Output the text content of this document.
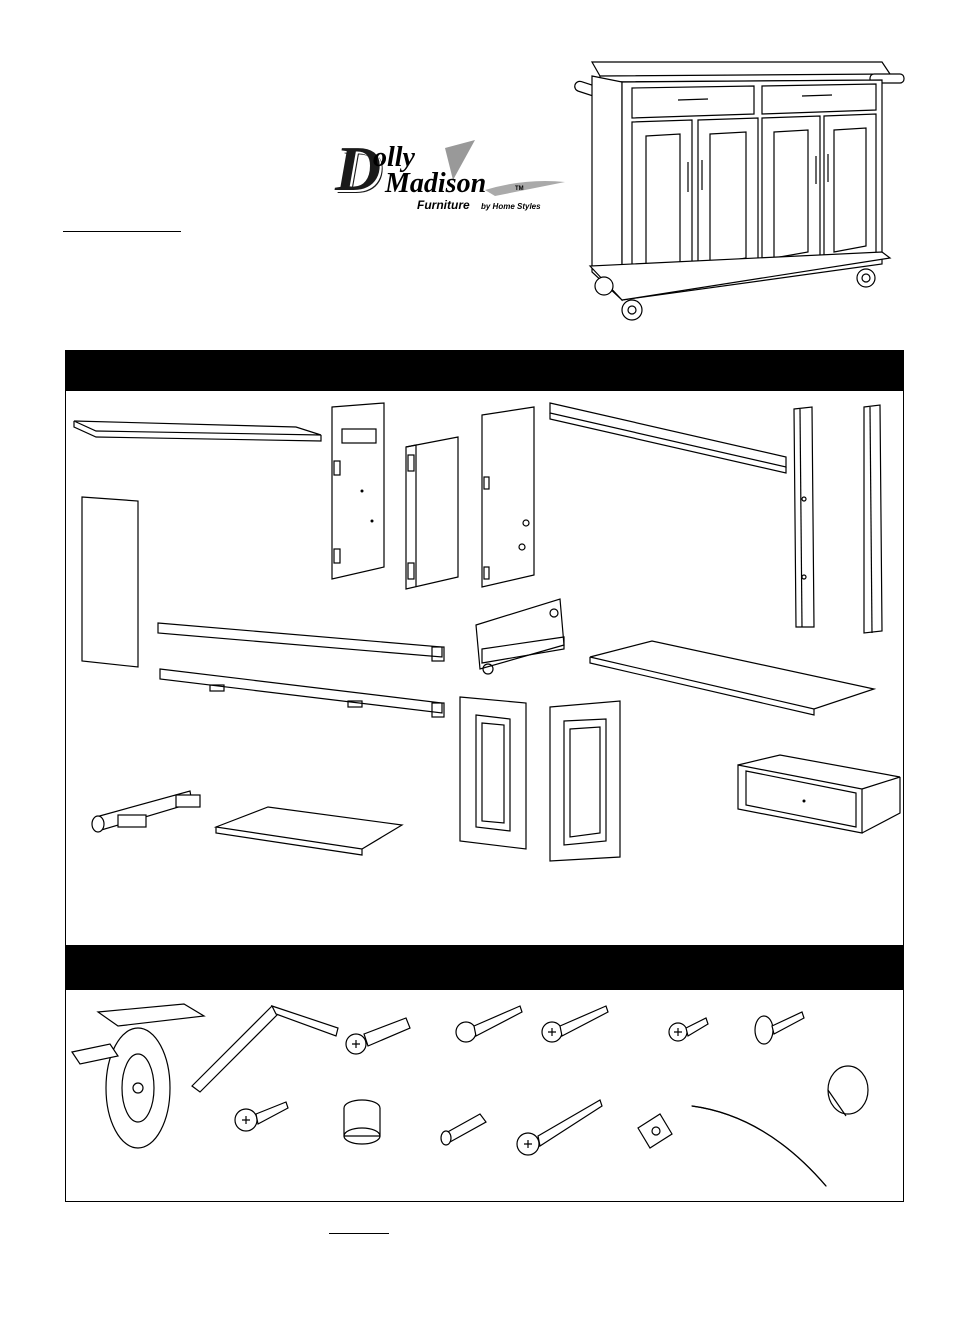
D
olly
Madison	TM
Furniture by Home Styles
